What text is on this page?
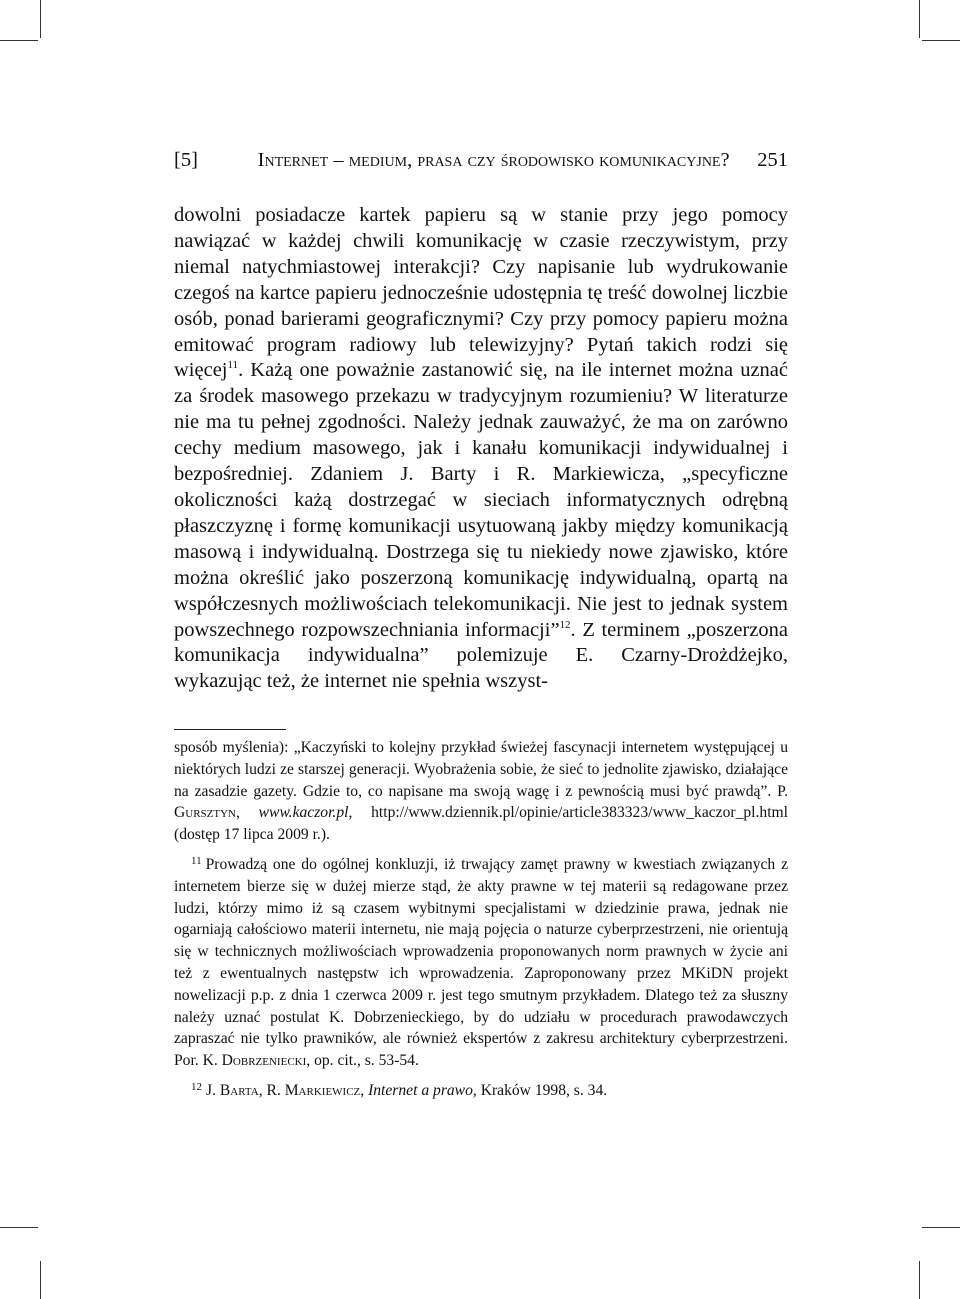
[5]	Internet – medium, prasa czy środowisko komunikacyjne?	251

dowolni posiadacze kartek papieru są w stanie przy jego pomocy nawiązać w każdej chwili komunikację w czasie rzeczywistym, przy niemal natychmiastowej interakcji? Czy napisanie lub wydrukowanie czegoś na kartce papieru jednocześnie udostępnia tę treść dowolnej liczbie osób, ponad barierami geograficznymi? Czy przy pomocy papieru można emitować program radiowy lub telewizyjny? Pytań takich rodzi się więcej$^{11}$. Każą one poważnie zastanowić się, na ile internet można uznać za środek masowego przekazu w tradycyjnym rozumieniu? W literaturze nie ma tu pełnej zgodności. Należy jednak zauważyć, że ma on zarówno cechy medium masowego, jak i kanału komunikacji indywidualnej i bezpośredniej. Zdaniem J. Barty i R. Markiewicza, „specyficzne okoliczności każą dostrzegać w sieciach informatycznych odrębną płaszczyznę i formę komunikacji usytuowaną jakby między komunikacją masową i indywidualną. Dostrzega się tu niekiedy nowe zjawisko, które można określić jako poszerzoną komunikację indywidualną, opartą na współczesnych możliwościach telekomunikacji. Nie jest to jednak system powszechnego rozpowszechniania informacji”$^{12}$. Z terminem „poszerzona komunikacja indywidualna” polemizuje E. Czarny-Drożdżejko, wykazując też, że internet nie spełnia wszyst-

sposób myślenia): „Kaczyński to kolejny przykład świeżej fascynacji internetem występującej u niektórych ludzi ze starszej generacji. Wyobrażenia sobie, że sieć to jednolite zjawisko, działające na zasadzie gazety. Gdzie to, co napisane ma swoją wagę i z pewnością musi być prawdą”. P. Gursztyn, www.kaczor.pl, http://www.dziennik.pl/opinie/article383323/www_kaczor_pl.html (dostęp 17 lipca 2009 r.).

$^{11}$ Prowadzą one do ogólnej konkluzji, iż trwający zamęt prawny w kwestiach związanych z internetem bierze się w dużej mierze stąd, że akty prawne w tej materii są redagowane przez ludzi, którzy mimo iż są czasem wybitnymi specjalistami w dziedzinie prawa, jednak nie ogarniają całościowo materii internetu, nie mają pojęcia o naturze cyberprzestrzeni, nie orientują się w technicznych możliwościach wprowadzenia proponowanych norm prawnych w życie ani też z ewentualnych następstw ich wprowadzenia. Zaproponowany przez MKiDN projekt nowelizacji p.p. z dnia 1 czerwca 2009 r. jest tego smutnym przykładem. Dlatego też za słuszny należy uznać postulat K. Dobrzenieckiego, by do udziału w procedurach prawodawczych zapraszać nie tylko prawników, ale również ekspertów z zakresu architektury cyberprzestrzeni. Por. K. Dobrzeniecki, op. cit., s. 53-54.

$^{12}$ J. Barta, R. Markiewicz, Internet a prawo, Kraków 1998, s. 34.
